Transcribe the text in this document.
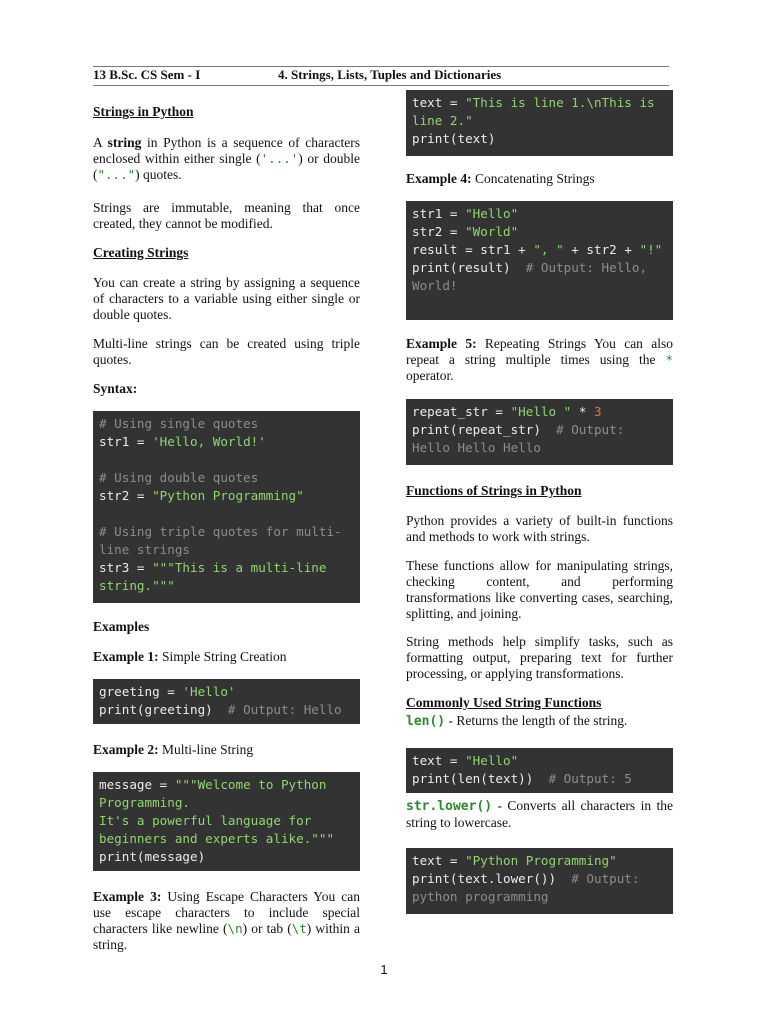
13 B.Sc. CS Sem - I	4. Strings, Lists, Tuples and Dictionaries
Strings in Python
A string in Python is a sequence of characters enclosed within either single ('...') or double ("...") quotes.
Strings are immutable, meaning that once created, they cannot be modified.
Creating Strings
You can create a string by assigning a sequence of characters to a variable using either single or double quotes.
Multi-line strings can be created using triple quotes.
Syntax:
# Using single quotes
str1 = 'Hello, World!'

# Using double quotes
str2 = "Python Programming"

# Using triple quotes for multi-line strings
str3 = """This is a multi-line string."""
Examples
Example 1: Simple String Creation
greeting = 'Hello'
print(greeting)  # Output: Hello
Example 2: Multi-line String
message = """Welcome to Python Programming.
It's a powerful language for beginners and experts alike."""
print(message)
Example 3: Using Escape Characters You can use escape characters to include special characters like newline (\n) or tab (\t) within a string.
text = "This is line 1.\nThis is line 2."
print(text)
Example 4: Concatenating Strings
str1 = "Hello"
str2 = "World"
result = str1 + ", " + str2 + "!"
print(result)  # Output: Hello, World!
Example 5: Repeating Strings You can also repeat a string multiple times using the * operator.
repeat_str = "Hello " * 3
print(repeat_str)  # Output: Hello Hello Hello
Functions of Strings in Python
Python provides a variety of built-in functions and methods to work with strings.
These functions allow for manipulating strings, checking content, and performing transformations like converting cases, searching, splitting, and joining.
String methods help simplify tasks, such as formatting output, preparing text for further processing, or applying transformations.
Commonly Used String Functions
len() - Returns the length of the string.
text = "Hello"
print(len(text))  # Output: 5
str.lower() - Converts all characters in the string to lowercase.
text = "Python Programming"
print(text.lower())  # Output: python programming
1
